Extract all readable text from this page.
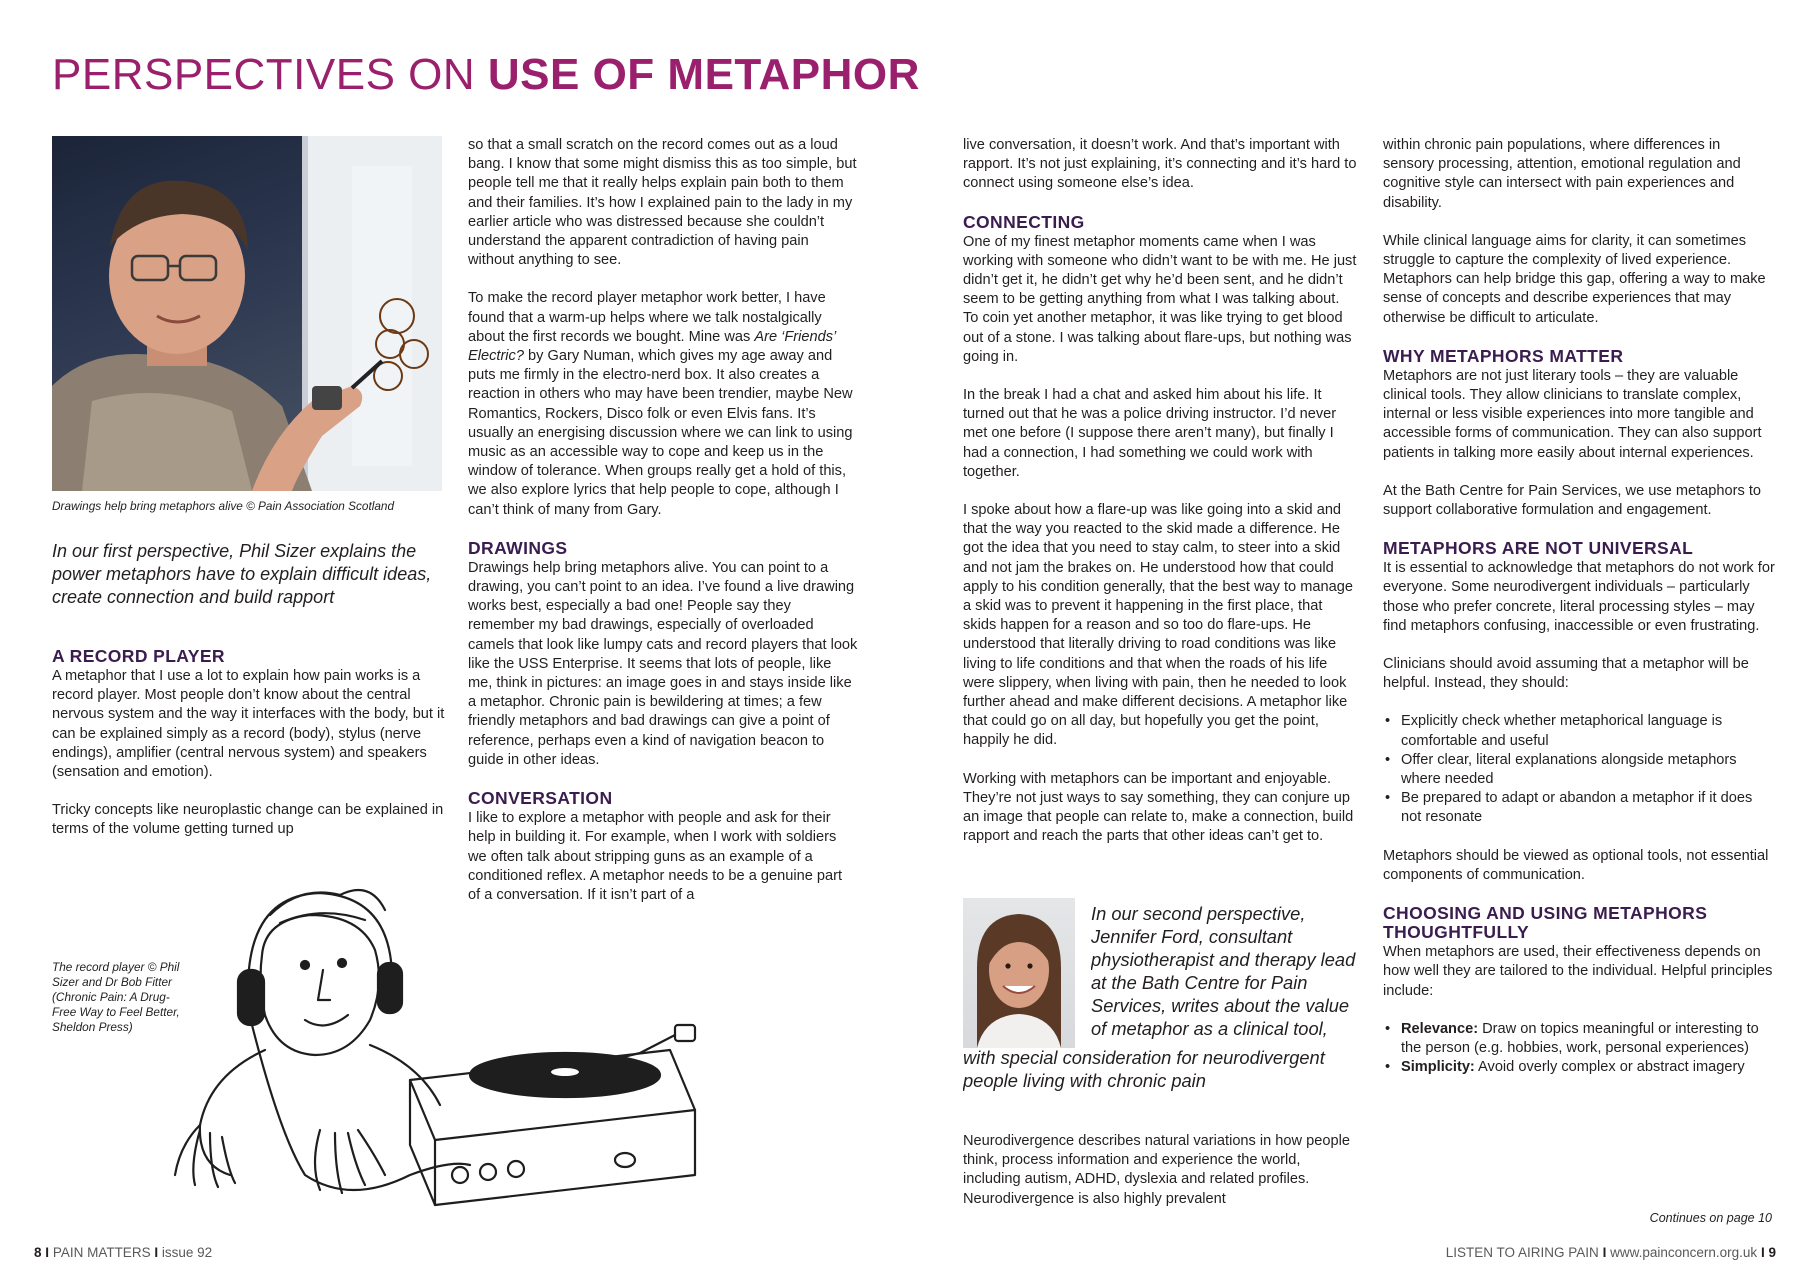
PERSPECTIVES ON USE OF METAPHOR
Drawings help bring metaphors alive © Pain Association Scotland

In our first perspective, Phil Sizer explains the power metaphors have to explain difficult ideas, create connection and build rapport

A RECORD PLAYER

A metaphor that I use a lot to explain how pain works is a record player. Most people don’t know about the central nervous system and the way it interfaces with the body, but it can be explained simply as a record (body), stylus (nerve endings), amplifier (central nervous system) and speakers (sensation and emotion).

Tricky concepts like neuroplastic change can be explained in terms of the volume getting turned up

The record player © Phil Sizer and Dr Bob Fitter (Chronic Pain: A Drug-Free Way to Feel Better, Sheldon Press)

so that a small scratch on the record comes out as a loud bang. I know that some might dismiss this as too simple, but people tell me that it really helps explain pain both to them and their families. It’s how I explained pain to the lady in my earlier article who was distressed because she couldn’t understand the apparent contradiction of having pain without anything to see.

To make the record player metaphor work better, I have found that a warm-up helps where we talk nostalgically about the first records we bought. Mine was Are ‘Friends’ Electric? by Gary Numan, which gives my age away and puts me firmly in the electro-nerd box. It also creates a reaction in others who may have been trendier, maybe New Romantics, Rockers, Disco folk or even Elvis fans. It’s usually an energising discussion where we can link to using music as an accessible way to cope and keep us in the window of tolerance. When groups really get a hold of this, we also explore lyrics that help people to cope, although I can’t think of many from Gary.

DRAWINGS

Drawings help bring metaphors alive. You can point to a drawing, you can’t point to an idea. I’ve found a live drawing works best, especially a bad one! People say they remember my bad drawings, especially of overloaded camels that look like lumpy cats and record players that look like the USS Enterprise. It seems that lots of people, like me, think in pictures: an image goes in and stays inside like a metaphor. Chronic pain is bewildering at times; a few friendly metaphors and bad drawings can give a point of reference, perhaps even a kind of navigation beacon to guide in other ideas.

CONVERSATION

I like to explore a metaphor with people and ask for their help in building it. For example, when I work with soldiers we often talk about stripping guns as an example of a conditioned reflex. A metaphor needs to be a genuine part of a conversation. If it isn’t part of a

live conversation, it doesn’t work. And that’s important with rapport. It’s not just explaining, it’s connecting and it’s hard to connect using someone else’s idea.

CONNECTING

One of my finest metaphor moments came when I was working with someone who didn’t want to be with me. He just didn’t get it, he didn’t get why he’d been sent, and he didn’t seem to be getting anything from what I was talking about. To coin yet another metaphor, it was like trying to get blood out of a stone. I was talking about flare-ups, but nothing was going in.

In the break I had a chat and asked him about his life. It turned out that he was a police driving instructor. I’d never met one before (I suppose there aren’t many), but finally I had a connection, I had something we could work with together.

I spoke about how a flare-up was like going into a skid and that the way you reacted to the skid made a difference. He got the idea that you need to stay calm, to steer into a skid and not jam the brakes on. He understood how that could apply to his condition generally, that the best way to manage a skid was to prevent it happening in the first place, that skids happen for a reason and so too do flare-ups. He understood that literally driving to road conditions was like living to life conditions and that when the roads of his life were slippery, when living with pain, then he needed to look further ahead and make different decisions. A metaphor like that could go on all day, but hopefully you get the point, happily he did.

Working with metaphors can be important and enjoyable. They’re not just ways to say something, they can conjure up an image that people can relate to, make a connection, build rapport and reach the parts that other ideas can’t get to.

In our second perspective, Jennifer Ford, consultant physiotherapist and therapy lead at the Bath Centre for Pain Services, writes about the value of metaphor as a clinical tool,
with special consideration for neurodivergent people living with chronic pain

Neurodivergence describes natural variations in how people think, process information and experience the world, including autism, ADHD, dyslexia and related profiles. Neurodivergence is also highly prevalent

within chronic pain populations, where differences in sensory processing, attention, emotional regulation and cognitive style can intersect with pain experiences and disability.

While clinical language aims for clarity, it can sometimes struggle to capture the complexity of lived experience. Metaphors can help bridge this gap, offering a way to make sense of concepts and describe experiences that may otherwise be difficult to articulate.

WHY METAPHORS MATTER

Metaphors are not just literary tools – they are valuable clinical tools. They allow clinicians to translate complex, internal or less visible experiences into more tangible and accessible forms of communication. They can also support patients in talking more easily about internal experiences.

At the Bath Centre for Pain Services, we use metaphors to support collaborative formulation and engagement.

METAPHORS ARE NOT UNIVERSAL

It is essential to acknowledge that metaphors do not work for everyone. Some neurodivergent individuals – particularly those who prefer concrete, literal processing styles – may find metaphors confusing, inaccessible or even frustrating.

Clinicians should avoid assuming that a metaphor will be helpful. Instead, they should:

• Explicitly check whether metaphorical language is comfortable and useful
• Offer clear, literal explanations alongside metaphors where needed
• Be prepared to adapt or abandon a metaphor if it does not resonate

Metaphors should be viewed as optional tools, not essential components of communication.

CHOOSING AND USING METAPHORS THOUGHTFULLY

When metaphors are used, their effectiveness depends on how well they are tailored to the individual. Helpful principles include:

• Relevance: Draw on topics meaningful or interesting to the person (e.g. hobbies, work, personal experiences)
• Simplicity: Avoid overly complex or abstract imagery
Continues on page 10
8 I PAIN MATTERS I issue 92	LISTEN TO AIRING PAIN I www.painconcern.org.uk I 9
